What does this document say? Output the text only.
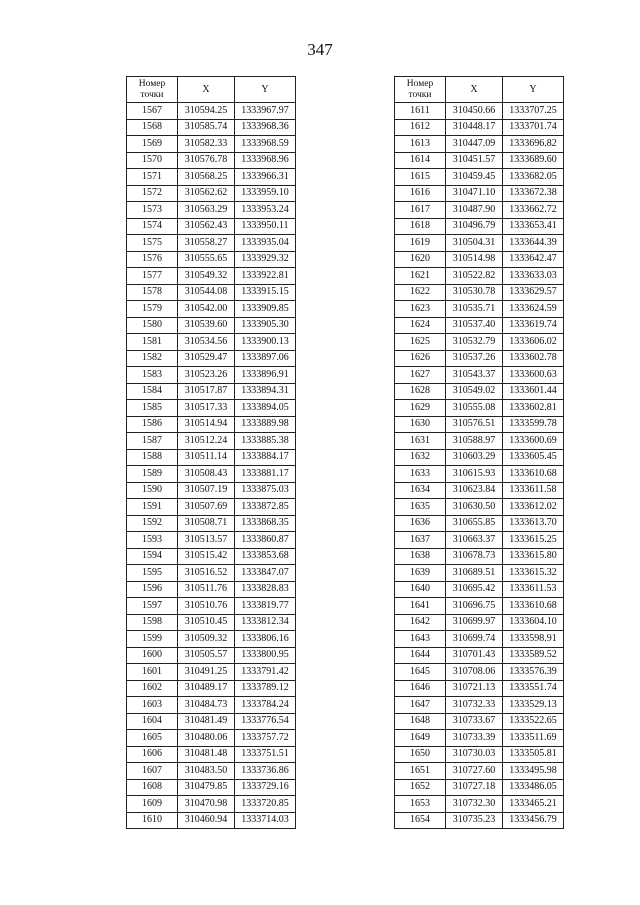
347
Номер
точки	X	Y
1567	310594.25	1333967.97
1568	310585.74	1333968.36
1569	310582.33	1333968.59
1570	310576.78	1333968.96
1571	310568.25	1333966.31
1572	310562.62	1333959.10
1573	310563.29	1333953.24
1574	310562.43	1333950.11
1575	310558.27	1333935.04
1576	310555.65	1333929.32
1577	310549.32	1333922.81
1578	310544.08	1333915.15
1579	310542.00	1333909.85
1580	310539.60	1333905.30
1581	310534.56	1333900.13
1582	310529.47	1333897.06
1583	310523.26	1333896.91
1584	310517.87	1333894.31
1585	310517.33	1333894.05
1586	310514.94	1333889.98
1587	310512.24	1333885.38
1588	310511.14	1333884.17
1589	310508.43	1333881.17
1590	310507.19	1333875.03
1591	310507.69	1333872.85
1592	310508.71	1333868.35
1593	310513.57	1333860.87
1594	310515.42	1333853.68
1595	310516.52	1333847.07
1596	310511.76	1333828.83
1597	310510.76	1333819.77
1598	310510.45	1333812.34
1599	310509.32	1333806.16
1600	310505.57	1333800.95
1601	310491.25	1333791.42
1602	310489.17	1333789.12
1603	310484.73	1333784.24
1604	310481.49	1333776.54
1605	310480.06	1333757.72
1606	310481.48	1333751.51
1607	310483.50	1333736.86
1608	310479.85	1333729.16
1609	310470.98	1333720.85
1610	310460.94	1333714.03
Номер
точки	X	Y
1611	310450.66	1333707.25
1612	310448.17	1333701.74
1613	310447.09	1333696.82
1614	310451.57	1333689.60
1615	310459.45	1333682.05
1616	310471.10	1333672.38
1617	310487.90	1333662.72
1618	310496.79	1333653.41
1619	310504.31	1333644.39
1620	310514.98	1333642.47
1621	310522.82	1333633.03
1622	310530.78	1333629.57
1623	310535.71	1333624.59
1624	310537.40	1333619.74
1625	310532.79	1333606.02
1626	310537.26	1333602.78
1627	310543.37	1333600.63
1628	310549.02	1333601.44
1629	310555.08	1333602.81
1630	310576.51	1333599.78
1631	310588.97	1333600.69
1632	310603.29	1333605.45
1633	310615.93	1333610.68
1634	310623.84	1333611.58
1635	310630.50	1333612.02
1636	310655.85	1333613.70
1637	310663.37	1333615.25
1638	310678.73	1333615.80
1639	310689.51	1333615.32
1640	310695.42	1333611.53
1641	310696.75	1333610.68
1642	310699.97	1333604.10
1643	310699.74	1333598.91
1644	310701.43	1333589.52
1645	310708.06	1333576.39
1646	310721.13	1333551.74
1647	310732.33	1333529.13
1648	310733.67	1333522.65
1649	310733.39	1333511.69
1650	310730.03	1333505.81
1651	310727.60	1333495.98
1652	310727.18	1333486.05
1653	310732.30	1333465.21
1654	310735.23	1333456.79
